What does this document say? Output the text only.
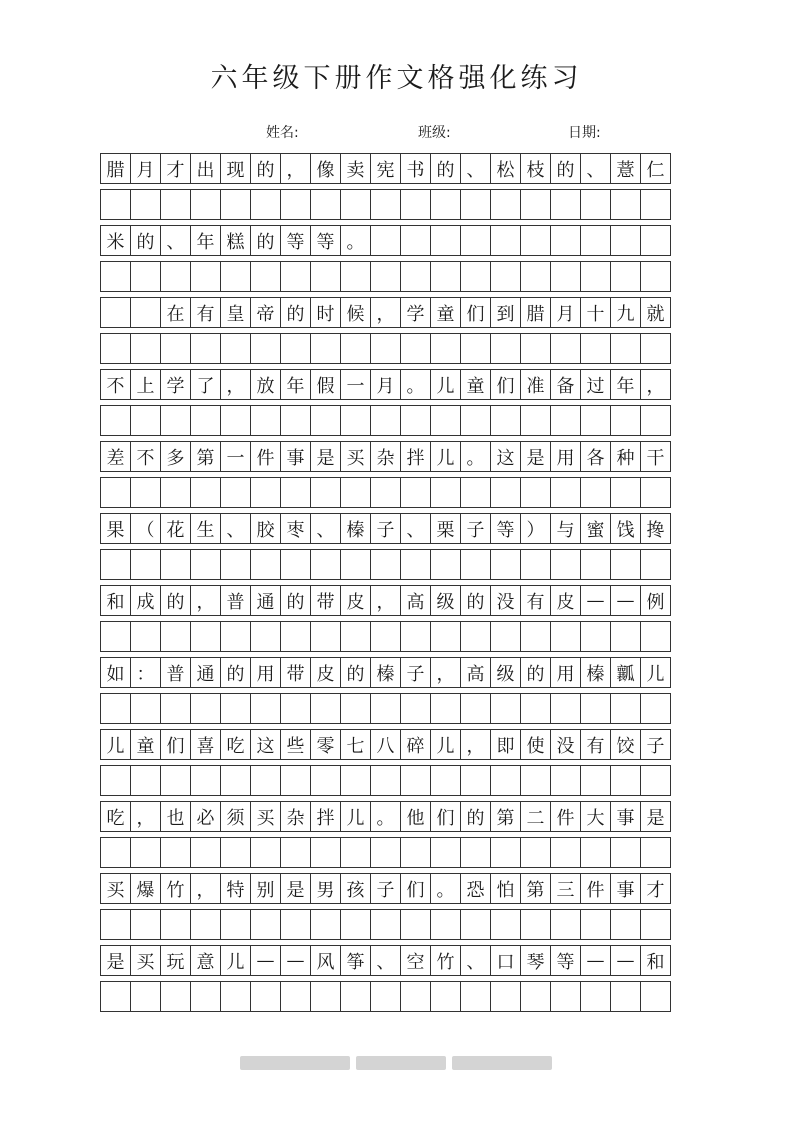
六年级下册作文格强化练习
姓名:	班级:	日期:
腊 月 才 出 现 的 ， 像 卖 宪 书 的 、 松 枝 的 、 薏 仁
米 的 、 年 糕 的 等 等 。
在 有 皇 帝 的 时 候 ， 学 童 们 到 腊 月 十 九 就
不 上 学 了 ， 放 年 假 一 月 。 儿 童 们 准 备 过 年 ，
差 不 多 第 一 件 事 是 买 杂 拌 儿 。 这 是 用 各 种 干
果 （ 花 生 、 胶 枣 、 榛 子 、 栗 子 等 ） 与 蜜 饯 搀
和 成 的 ， 普 通 的 带 皮 ， 高 级 的 没 有 皮 — — 例
如 ： 普 通 的 用 带 皮 的 榛 子 ， 高 级 的 用 榛 瓤 儿
儿 童 们 喜 吃 这 些 零 七 八 碎 儿 ， 即 使 没 有 饺 子
吃 ， 也 必 须 买 杂 拌 儿 。 他 们 的 第 二 件 大 事 是
买 爆 竹 ， 特 别 是 男 孩 子 们 。 恐 怕 第 三 件 事 才
是 买 玩 意 儿 — — 风 筝 、 空 竹 、 口 琴 等 — — 和
